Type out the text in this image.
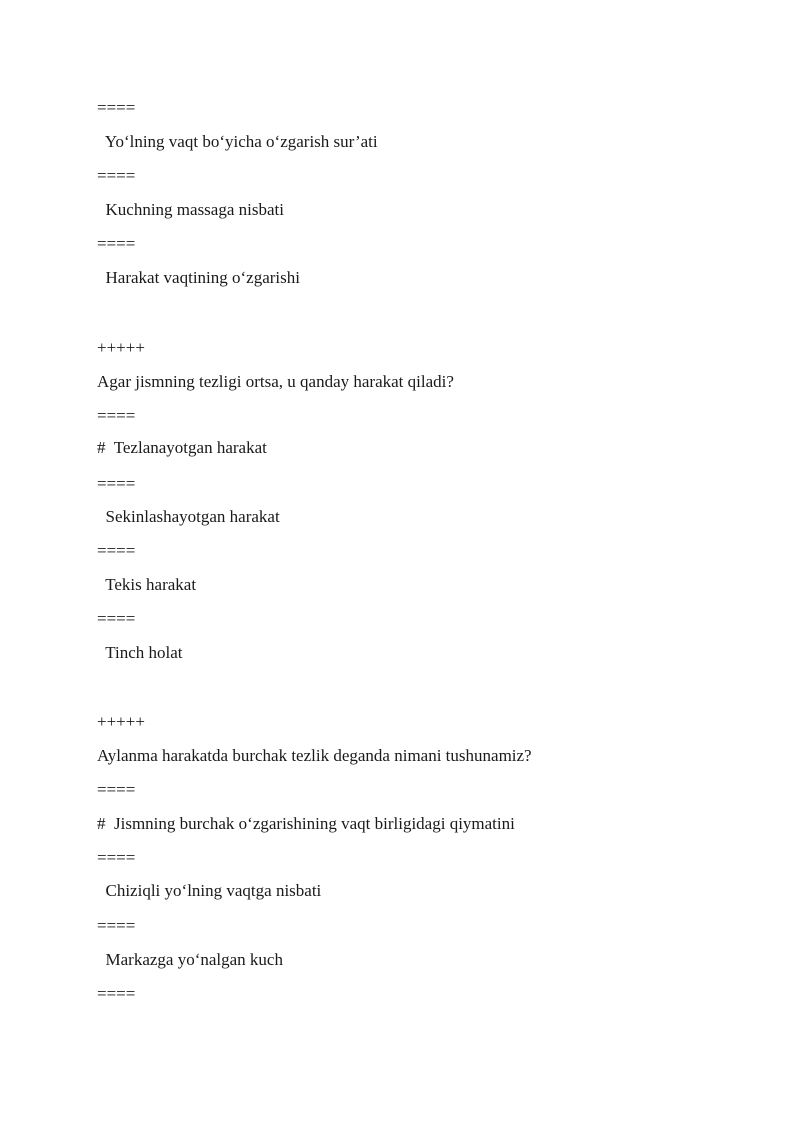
====
Yo‘lning vaqt bo‘yicha o‘zgarish sur’ati
====
Kuchning massaga nisbati
====
Harakat vaqtining o‘zgarishi
+++++
Agar jismning tezligi ortsa, u qanday harakat qiladi?
====
#  Tezlanayotgan harakat
====
Sekinlashayotgan harakat
====
Tekis harakat
====
Tinch holat
+++++
Aylanma harakatda burchak tezlik deganda nimani tushunamiz?
====
#  Jismning burchak o‘zgarishining vaqt birligidagi qiymatini
====
Chiziqli yo‘lning vaqtga nisbati
====
Markazga yo‘nalgan kuch
====
